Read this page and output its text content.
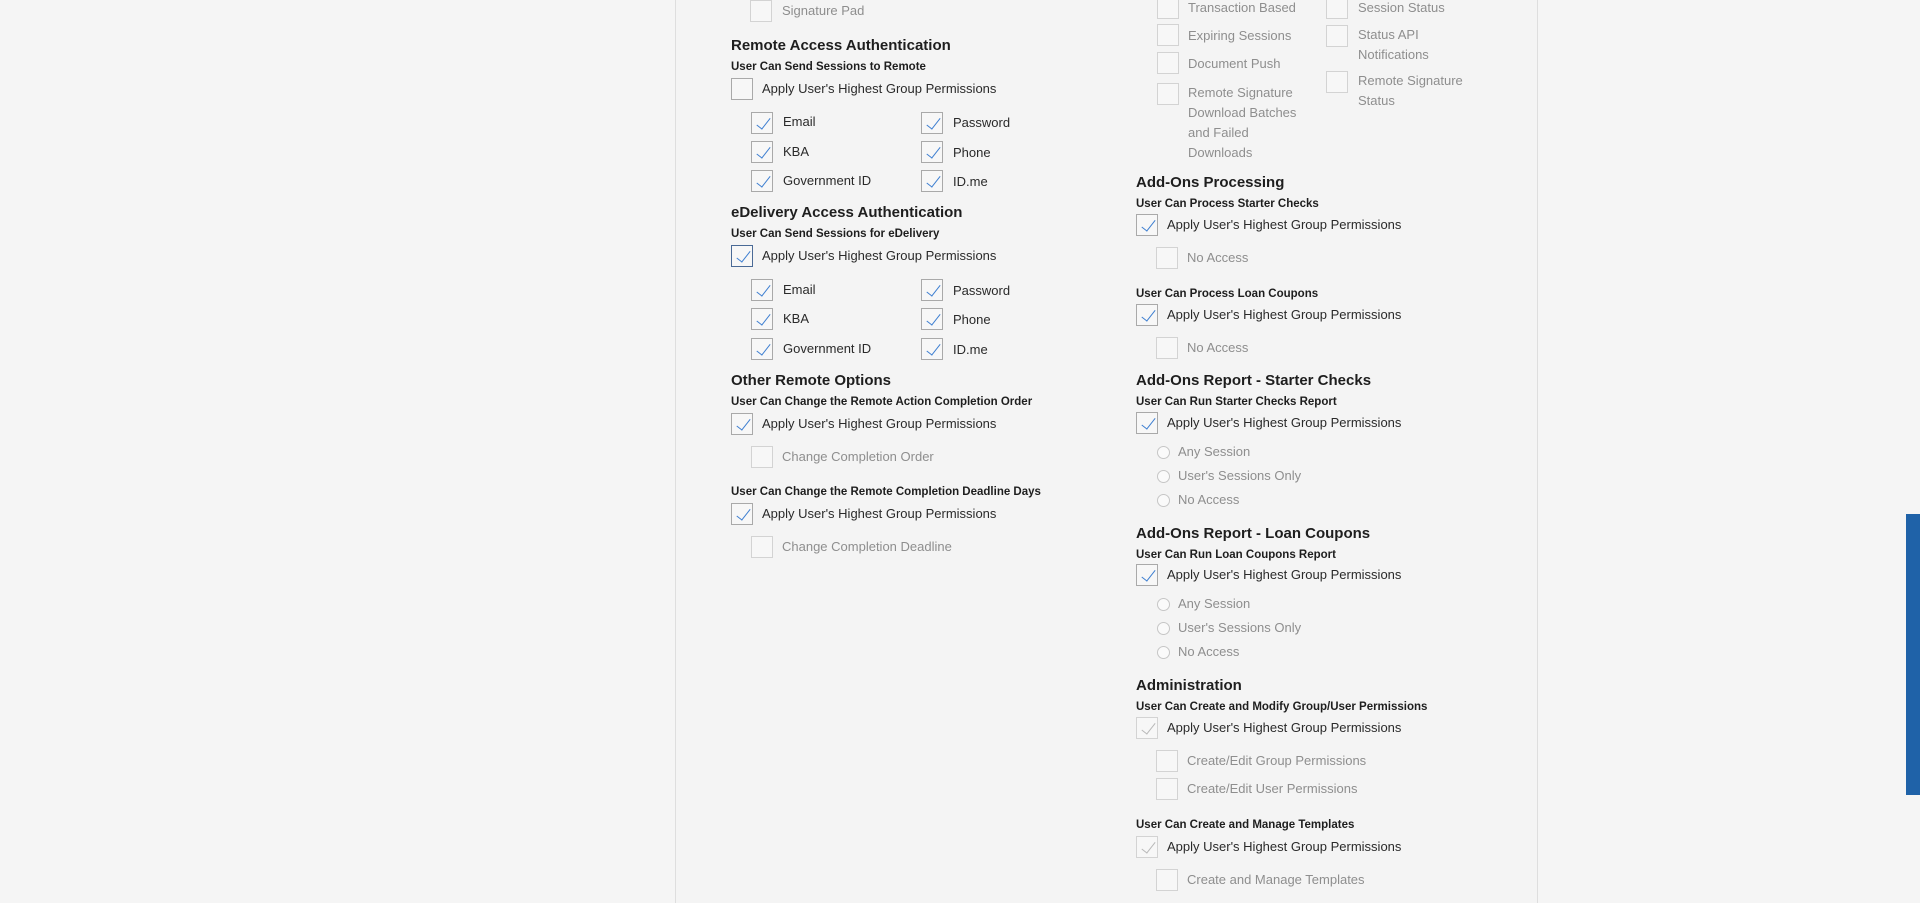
Signature Pad
Remote Access Authentication
User Can Send Sessions to Remote
Apply User's Highest Group Permissions
Email	Password
KBA	Phone
Government ID	ID.me
eDelivery Access Authentication
User Can Send Sessions for eDelivery
Apply User's Highest Group Permissions
Email	Password
KBA	Phone
Government ID	ID.me
Other Remote Options
User Can Change the Remote Action Completion Order
Apply User's Highest Group Permissions
Change Completion Order
User Can Change the Remote Completion Deadline Days
Apply User's Highest Group Permissions
Change Completion Deadline
Transaction Based
Expiring Sessions
Document Push
Remote Signature Download Batches and Failed Downloads
Session Status
Status API Notifications
Remote Signature Status
Add-Ons Processing
User Can Process Starter Checks
Apply User's Highest Group Permissions
No Access
User Can Process Loan Coupons
Apply User's Highest Group Permissions
No Access
Add-Ons Report - Starter Checks
User Can Run Starter Checks Report
Apply User's Highest Group Permissions
Any Session
User's Sessions Only
No Access
Add-Ons Report - Loan Coupons
User Can Run Loan Coupons Report
Apply User's Highest Group Permissions
Any Session
User's Sessions Only
No Access
Administration
User Can Create and Modify Group/User Permissions
Apply User's Highest Group Permissions
Create/Edit Group Permissions
Create/Edit User Permissions
User Can Create and Manage Templates
Apply User's Highest Group Permissions
Create and Manage Templates
